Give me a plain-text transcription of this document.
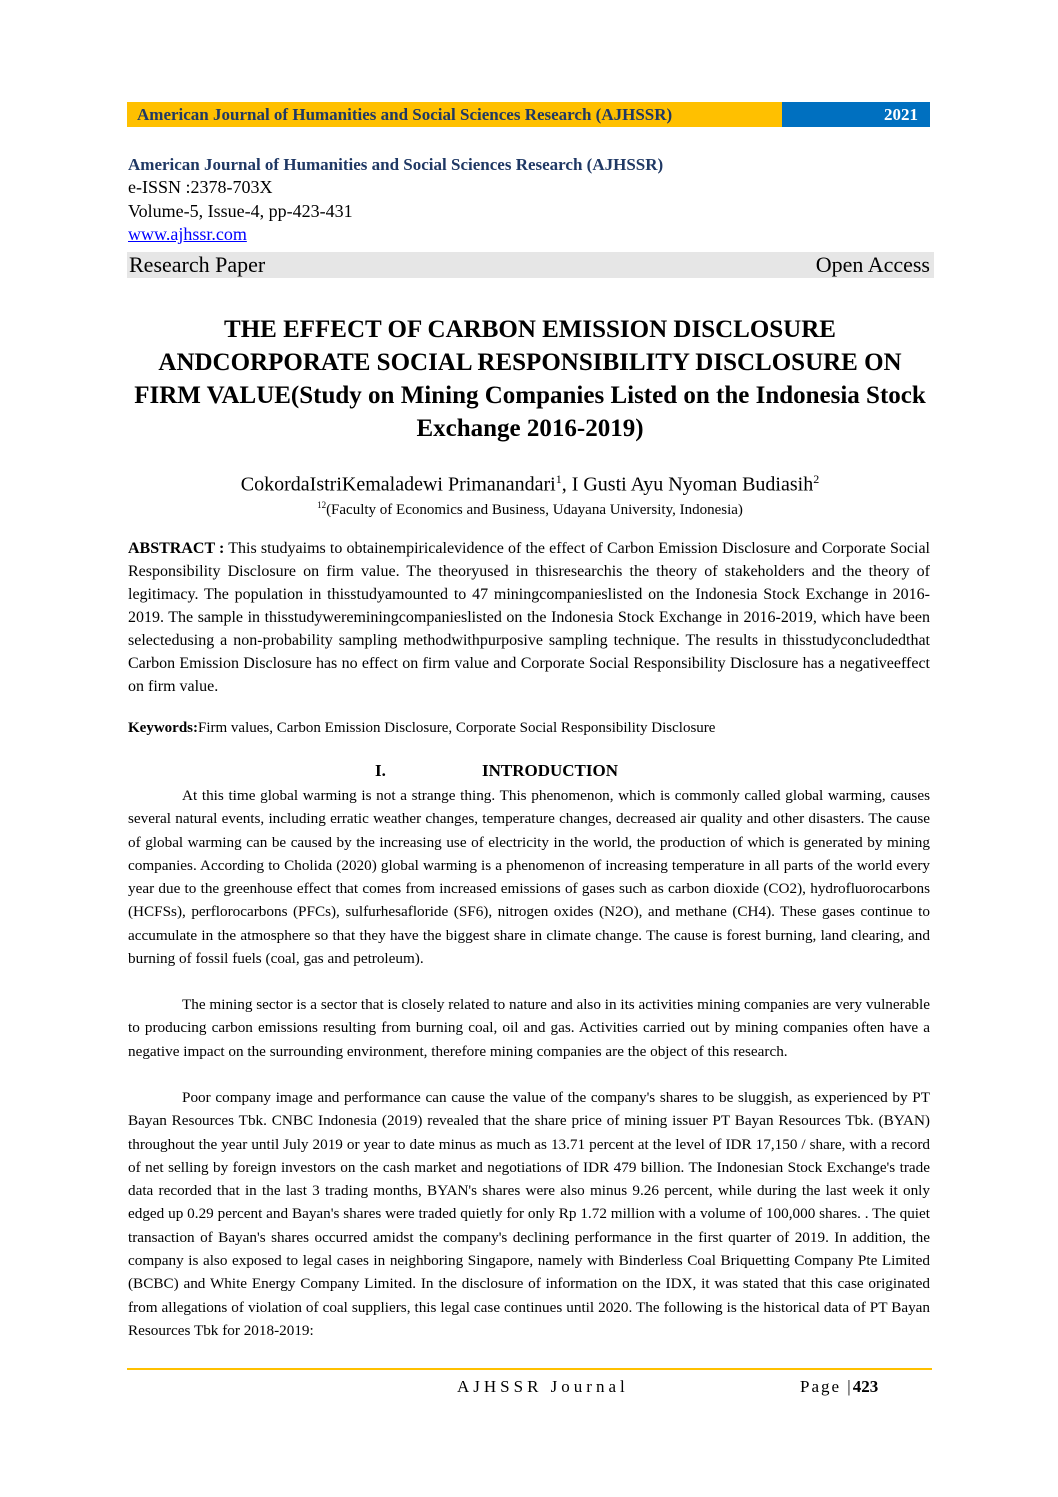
American Journal of Humanities and Social Sciences Research (AJHSSR)	2021
American Journal of Humanities and Social Sciences Research (AJHSSR)
e-ISSN :2378-703X
Volume-5, Issue-4, pp-423-431
www.ajhssr.com
Research Paper	Open Access
THE EFFECT OF CARBON EMISSION DISCLOSURE ANDCORPORATE SOCIAL RESPONSIBILITY DISCLOSURE ON FIRM VALUE(Study on Mining Companies Listed on the Indonesia Stock Exchange 2016-2019)
CokordaIstriKemaladewi Primanandari$^1$, I Gusti Ayu Nyoman Budiasih$^2$
$^{12}$(Faculty of Economics and Business, Udayana University, Indonesia)

ABSTRACT : This studyaims to obtainempiricalevidence of the effect of Carbon Emission Disclosure and Corporate Social Responsibility Disclosure on firm value. The theoryused in thisresearchis the theory of stakeholders and the theory of legitimacy. The population in thisstudyamounted to 47 miningcompanieslisted on the Indonesia Stock Exchange in 2016-2019. The sample in thisstudywereminingcompanieslisted on the Indonesia Stock Exchange in 2016-2019, which have been selectedusing a non-probability sampling methodwithpurposive sampling technique. The results in thisstudyconcludedthat Carbon Emission Disclosure has no effect on firm value and Corporate Social Responsibility Disclosure has a negativeeffect on firm value.

Keywords:Firm values, Carbon Emission Disclosure, Corporate Social Responsibility Disclosure
I.	INTRODUCTION

At this time global warming is not a strange thing. This phenomenon, which is commonly called global warming, causes several natural events, including erratic weather changes, temperature changes, decreased air quality and other disasters. The cause of global warming can be caused by the increasing use of electricity in the world, the production of which is generated by mining companies. According to Cholida (2020) global warming is a phenomenon of increasing temperature in all parts of the world every year due to the greenhouse effect that comes from increased emissions of gases such as carbon dioxide (CO2), hydrofluorocarbons (HCFSs), perflorocarbons (PFCs), sulfurhesafloride (SF6), nitrogen oxides (N2O), and methane (CH4). These gases continue to accumulate in the atmosphere so that they have the biggest share in climate change. The cause is forest burning, land clearing, and burning of fossil fuels (coal, gas and petroleum).

The mining sector is a sector that is closely related to nature and also in its activities mining companies are very vulnerable to producing carbon emissions resulting from burning coal, oil and gas. Activities carried out by mining companies often have a negative impact on the surrounding environment, therefore mining companies are the object of this research.

Poor company image and performance can cause the value of the company's shares to be sluggish, as experienced by PT Bayan Resources Tbk. CNBC Indonesia (2019) revealed that the share price of mining issuer PT Bayan Resources Tbk. (BYAN) throughout the year until July 2019 or year to date minus as much as 13.71 percent at the level of IDR 17,150 / share, with a record of net selling by foreign investors on the cash market and negotiations of IDR 479 billion. The Indonesian Stock Exchange's trade data recorded that in the last 3 trading months, BYAN's shares were also minus 9.26 percent, while during the last week it only edged up 0.29 percent and Bayan's shares were traded quietly for only Rp 1.72 million with a volume of 100,000 shares. . The quiet transaction of Bayan's shares occurred amidst the company's declining performance in the first quarter of 2019. In addition, the company is also exposed to legal cases in neighboring Singapore, namely with Binderless Coal Briquetting Company Pte Limited (BCBC) and White Energy Company Limited. In the disclosure of information on the IDX, it was stated that this case originated from allegations of violation of coal suppliers, this legal case continues until 2020. The following is the historical data of PT Bayan Resources Tbk for 2018-2019:

AJHSSR Journal	Page |423
